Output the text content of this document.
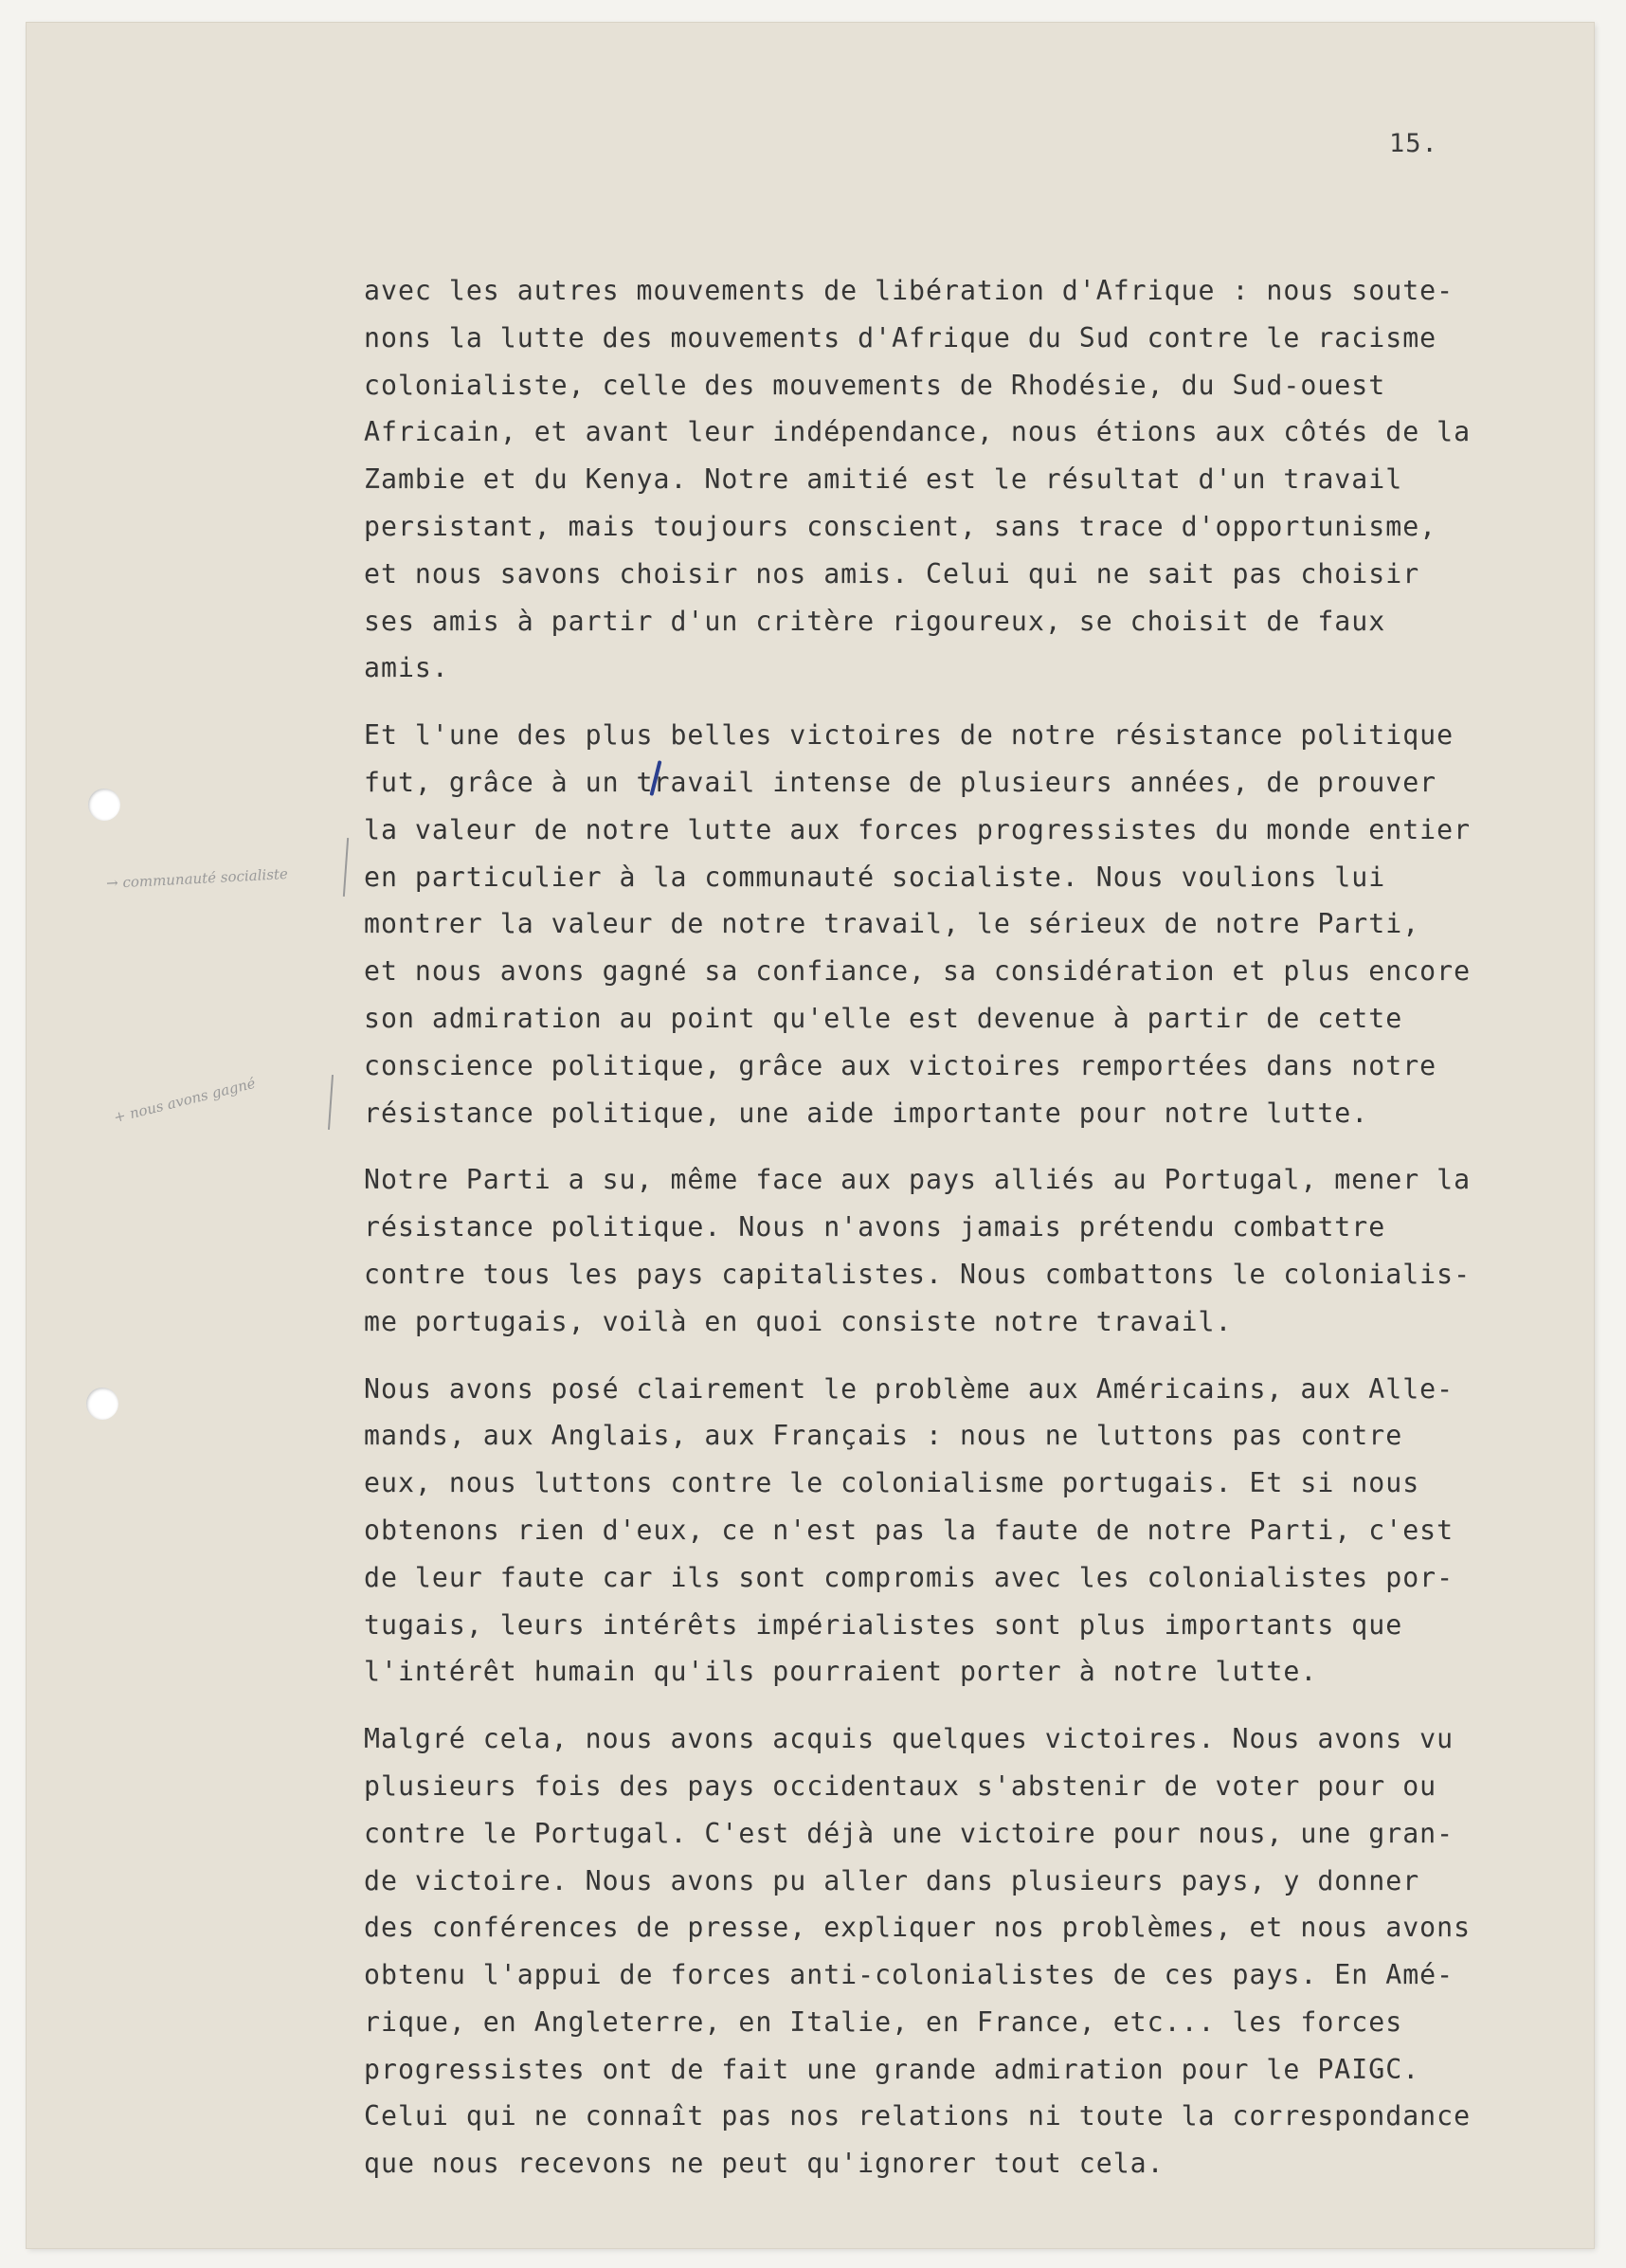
→ communauté socialiste
+ nous avons gagné
15.
avec les autres mouvements de libération d'Afrique : nous soute-
nons la lutte des mouvements d'Afrique du Sud contre le racisme
colonialiste, celle des mouvements de Rhodésie, du Sud-ouest
Africain, et avant leur indépendance, nous étions aux côtés de la
Zambie et du Kenya. Notre amitié est le résultat d'un travail
persistant, mais toujours conscient, sans trace d'opportunisme,
et nous savons choisir nos amis. Celui qui ne sait pas choisir
ses amis à partir d'un critère rigoureux, se choisit de faux
amis.
Et l'une des plus belles victoires de notre résistance politique
fut, grâce à un travail intense de plusieurs années, de prouver
la valeur de notre lutte aux forces progressistes du monde entier
en particulier à la communauté socialiste. Nous voulions lui
montrer la valeur de notre travail, le sérieux de notre Parti,
et nous avons gagné sa confiance, sa considération et plus encore
son admiration au point qu'elle est devenue à partir de cette
conscience politique, grâce aux victoires remportées dans notre
résistance politique, une aide importante pour notre lutte.
Notre Parti a su, même face aux pays alliés au Portugal, mener la
résistance politique. Nous n'avons jamais prétendu combattre
contre tous les pays capitalistes. Nous combattons le colonialis-
me portugais, voilà en quoi consiste notre travail.
Nous avons posé clairement le problème aux Américains, aux Alle-
mands, aux Anglais, aux Français : nous ne luttons pas contre
eux, nous luttons contre le colonialisme portugais. Et si nous
obtenons rien d'eux, ce n'est pas la faute de notre Parti, c'est
de leur faute car ils sont compromis avec les colonialistes por-
tugais, leurs intérêts impérialistes sont plus importants que
l'intérêt humain qu'ils pourraient porter à notre lutte.
Malgré cela, nous avons acquis quelques victoires. Nous avons vu
plusieurs fois des pays occidentaux s'abstenir de voter pour ou
contre le Portugal. C'est déjà une victoire pour nous, une gran-
de victoire. Nous avons pu aller dans plusieurs pays, y donner
des conférences de presse, expliquer nos problèmes, et nous avons
obtenu l'appui de forces anti-colonialistes de ces pays. En Amé-
rique, en Angleterre, en Italie, en France, etc... les forces
progressistes ont de fait une grande admiration pour le PAIGC.
Celui qui ne connaît pas nos relations ni toute la correspondance
que nous recevons ne peut qu'ignorer tout cela.
